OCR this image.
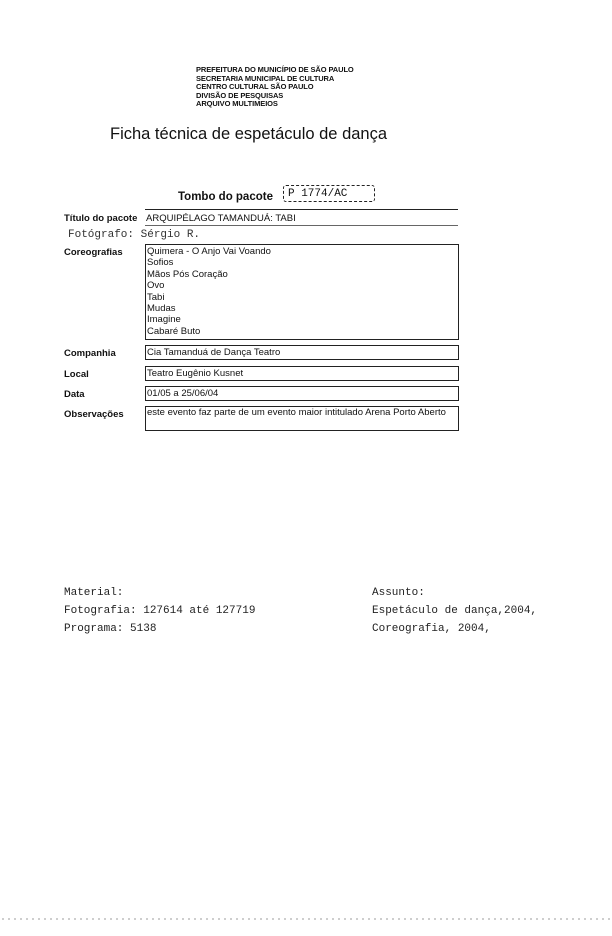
PREFEITURA DO MUNICÍPIO DE SÃO PAULO
SECRETARIA MUNICIPAL DE CULTURA
CENTRO CULTURAL SÃO PAULO
DIVISÃO DE PESQUISAS
ARQUIVO MULTIMEIOS
Ficha técnica de espetáculo de dança
Tombo do pacote	P 1774/AC
Título do pacote ARQUIPÉLAGO TAMANDUÁ: TABI
Fotógrafo: Sérgio R.
Coreografias	Quimera - O Anjo Vai Voando
Sofios
Mãos Pós Coração
Ovo
Tabi
Mudas
Imagine
Cabaré Buto
Companhia	Cia Tamanduá de Dança Teatro
Local	Teatro Eugênio Kusnet
Data	01/05 a 25/06/04
Observações este evento faz parte de um evento maior intitulado Arena Porto Aberto
Material:
Fotografia: 127614 até 127719
Programa: 5138
Assunto:
Espetáculo de dança,2004,
Coreografia, 2004,
